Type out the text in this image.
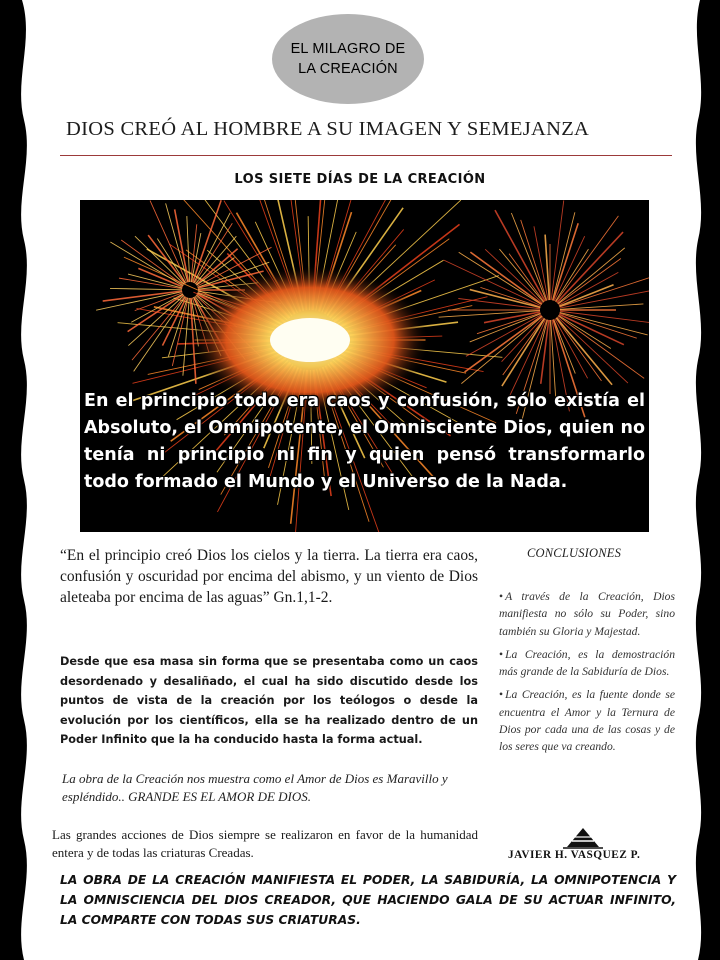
EL MILAGRO DE LA CREACIÓN
DIOS CREÓ AL HOMBRE A SU IMAGEN Y SEMEJANZA
LOS SIETE DÍAS DE LA CREACIÓN
En el principio todo era caos y confusión, sólo existía el Absoluto, el Omnipotente, el Omnisciente Dios, quien no tenía ni principio ni fin y quien pensó transformarlo todo formado el Mundo y el Universo de la Nada.
“En el principio creó Dios los cielos y la tierra. La tierra era caos, confusión y oscuridad por encima del abismo, y un viento de Dios aleteaba por encima de las aguas” Gn.1,1-2.
Desde que esa masa sin forma que se presentaba como un caos desordenado y desaliñado, el cual ha sido discutido desde los puntos de vista de la creación por los teólogos o desde la evolución por los científicos, ella se ha realizado dentro de un Poder Infinito que la ha conducido hasta la forma actual.
La obra de la Creación nos muestra como el Amor de Dios es Maravillo y espléndido.. GRANDE ES EL AMOR DE DIOS.
Las grandes acciones de Dios siempre se realizaron en favor de la humanidad entera y de todas las criaturas Creadas.
CONCLUSIONES
• A través de la Creación, Dios manifiesta no sólo su Poder, sino también su Gloria y Majestad.
• La Creación, es la demostración más grande de la Sabiduría de Dios.
• La Creación, es la fuente donde se encuentra el Amor y la Ternura de Dios por cada una de las cosas y de los seres que va creando.
JAVIER H. VASQUEZ P.
LA OBRA DE LA CREACIÓN MANIFIESTA EL PODER, LA SABIDURÍA, LA OMNIPOTENCIA Y LA OMNISCIENCIA DEL DIOS CREADOR, QUE HACIENDO GALA DE SU ACTUAR INFINITO, LA COMPARTE CON TODAS SUS CRIATURAS.
